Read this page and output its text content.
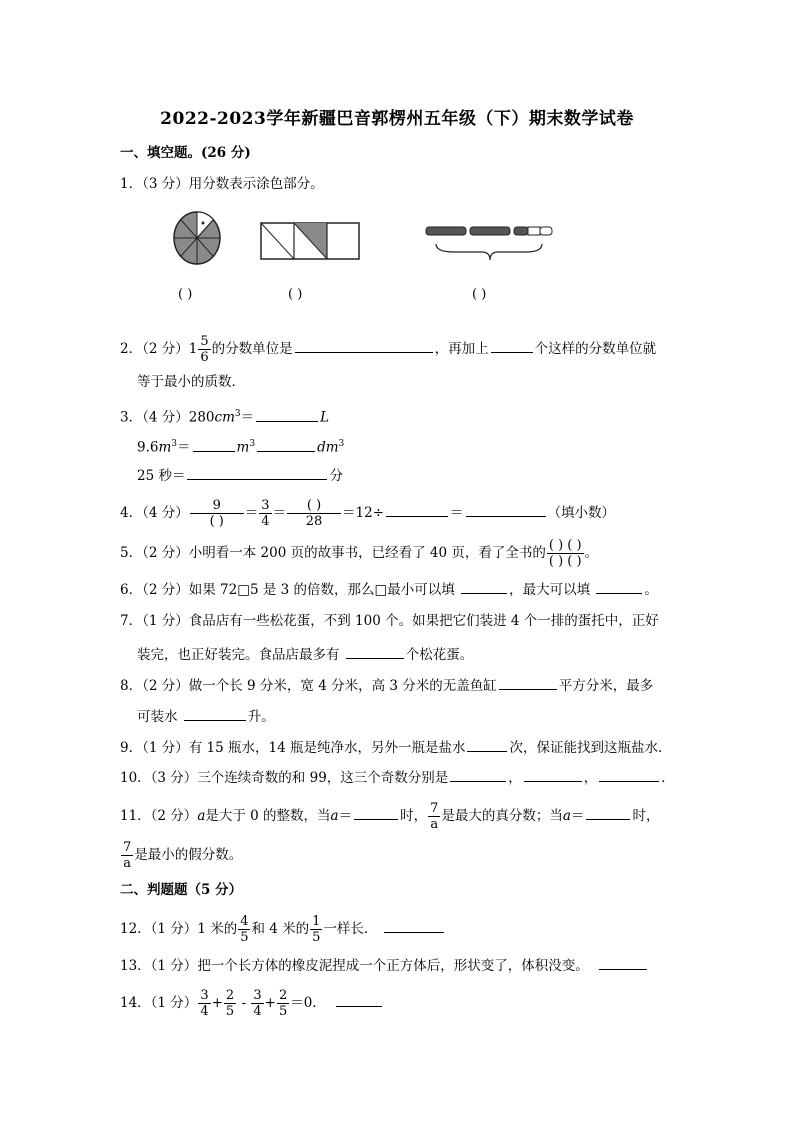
2022-2023学年新疆巴音郭楞州五年级（下）期末数学试卷
一、填空题。(26 分)
1．（3 分）用分数表示涂色部分。
( )	( )	( )
2．（2 分）$1 \frac{5}{6}$ 的分数单位是	，再加上	个这样的分数单位就
等于最小的质数．
3．（4 分）$280cm^3=$	L
$9.6m^3=$	$m^3$	$dm^3$
25 秒＝	分
4．（4 分） $\frac{9}{( )} = \frac{3}{4} = \frac{( )}{28} =12\div$	＝	（填小数）
5．（2 分）小明看一本 200 页的故事书，已经看了 40 页，看了全书的 $\frac{( ) ( )}{( ) ( )}$ 。
6．（2 分）如果 72□5 是 3 的倍数，那么□最小可以填	，最大可以填	。
7．（1 分）食品店有一些松花蛋，不到 100 个。如果把它们装进 4 个一排的蛋托中，正好
装完，也正好装完。食品店最多有	个松花蛋。
8．（2 分）做一个长 9 分米，宽 4 分米，高 3 分米的无盖鱼缸	平方分米，最多
可装水	升。
9．（1 分）有 15 瓶水，14 瓶是纯净水，另外一瓶是盐水	次，保证能找到这瓶盐水．
10．（3 分）三个连续奇数的和 99，这三个奇数分别是	，	，	．
11．（2 分）a是大于 0 的整数，当a＝	时， $\frac{7}{a}$ 是最大的真分数；当a＝	时，
$\frac{7}{a}$ 是最小的假分数。
二、判题题（5 分）
12．（1 分）1 米的 $\frac{4}{5}$ 和 4 米的 $\frac{1}{5}$ 一样长．
13．（1 分）把一个长方体的橡皮泥捏成一个正方体后，形状变了，体积没变。
14．（1 分） $\frac{3}{4} + \frac{2}{5} - \frac{3}{4} + \frac{2}{5} =0$．
